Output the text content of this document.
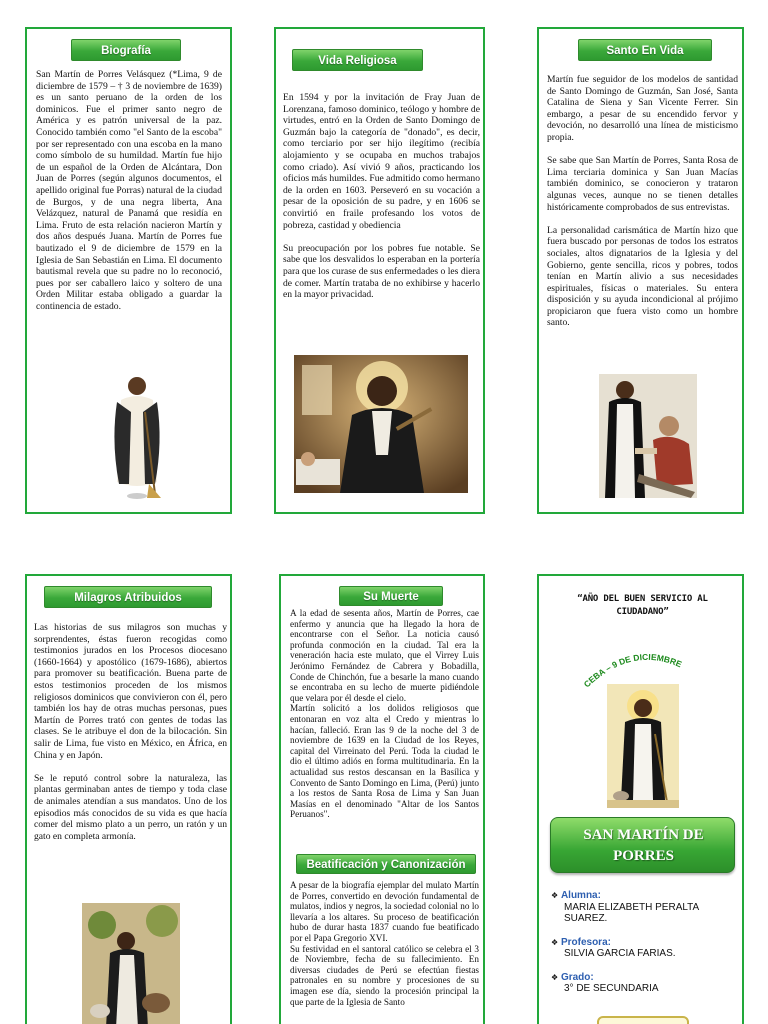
Biografía
San Martín de Porres Velásquez (*Lima, 9 de diciembre de 1579 – † 3 de noviembre de 1639) es un santo peruano de la orden de los dominicos. Fue el primer santo negro de América y es patrón universal de la paz. Conocido también como "el Santo de la escoba" por ser representado con una escoba en la mano como símbolo de su humildad. Martín fue hijo de un español de la Orden de Alcántara, Don Juan de Porres (según algunos documentos, el apellido original fue Porras) natural de la ciudad de Burgos, y de una negra liberta, Ana Velázquez, natural de Panamá que residía en Lima. Fruto de esta relación nacieron Martín y dos años después Juana. Martín de Porres fue bautizado el 9 de diciembre de 1579 en la Iglesia de San Sebastián en Lima. El documento bautismal revela que su padre no lo reconoció, pues por ser caballero laico y soltero de una Orden Militar estaba obligado a guardar la continencia de estado.
Vida Religiosa

En 1594 y por la invitación de Fray Juan de Lorenzana, famoso dominico, teólogo y hombre de virtudes, entró en la Orden de Santo Domingo de Guzmán bajo la categoría de "donado", es decir, como terciario por ser hijo ilegítimo (recibía alojamiento y se ocupaba en muchos trabajos como criado). Así vivió 9 años, practicando los oficios más humildes. Fue admitido como hermano de la orden en 1603. Perseveró en su vocación a pesar de la oposición de su padre, y en 1606 se convirtió en fraile profesando los votos de pobreza, castidad y obediencia

Su preocupación por los pobres fue notable. Se sabe que los desvalidos lo esperaban en la portería para que los curase de sus enfermedades o les diera de comer. Martín trataba de no exhibirse y hacerlo en la mayor privacidad.

Santo En Vida

Martín fue seguidor de los modelos de santidad de Santo Domingo de Guzmán, San José, Santa Catalina de Siena y San Vicente Ferrer. Sin embargo, a pesar de su encendido fervor y devoción, no desarrolló una línea de misticismo propia.

Se sabe que San Martín de Porres, Santa Rosa de Lima terciaria dominica y San Juan Macías también dominico, se conocieron y trataron algunas veces, aunque no se tienen detalles históricamente comprobados de sus entrevistas.

La personalidad carismática de Martín hizo que fuera buscado por personas de todos los estratos sociales, altos dignatarios de la Iglesia y del Gobierno, gente sencilla, ricos y pobres, todos tenían en Martín alivio a sus necesidades espirituales, físicas o materiales. Su entera disposición y su ayuda incondicional al prójimo propiciaron que fuera visto como un hombre santo.

Milagros Atribuidos

Las historias de sus milagros son muchas y sorprendentes, éstas fueron recogidas como testimonios jurados en los Procesos diocesano (1660-1664) y apostólico (1679-1686), abiertos para promover su beatificación. Buena parte de estos testimonios proceden de los mismos religiosos dominicos que convivieron con él, pero también los hay de otras muchas personas, pues Martín de Porres trató con gentes de todas las clases. Se le atribuye el don de la bilocación. Sin salir de Lima, fue visto en México, en África, en China y en Japón.

Se le reputó control sobre la naturaleza, las plantas germinaban antes de tiempo y toda clase de animales atendían a sus mandatos. Uno de los episodios más conocidos de su vida es que hacía comer del mismo plato a un perro, un ratón y un gato en completa armonía.

Su Muerte

A la edad de sesenta años, Martín de Porres, cae enfermo y anuncia que ha llegado la hora de encontrarse con el Señor. La noticia causó profunda conmoción en la ciudad. Tal era la veneración hacia este mulato, que el Virrey Luis Jerónimo Fernández de Cabrera y Bobadilla, Conde de Chinchón, fue a besarle la mano cuando se encontraba en su lecho de muerte pidiéndole que velara por él desde el cielo.

Martín solicitó a los dolidos religiosos que entonaran en voz alta el Credo y mientras lo hacían, falleció. Eran las 9 de la noche del 3 de noviembre de 1639 en la Ciudad de los Reyes, capital del Virreinato del Perú. Toda la ciudad le dio el último adiós en forma multitudinaria. En la actualidad sus restos descansan en la Basílica y Convento de Santo Domingo en Lima, (Perú) junto a los restos de Santa Rosa de Lima y San Juan Masías en el denominado "Altar de los Santos Peruanos".

Beatificación y Canonización

A pesar de la biografía ejemplar del mulato Martín de Porres, convertido en devoción fundamental de mulatos, indios y negros, la sociedad colonial no lo llevaría a los altares. Su proceso de beatificación hubo de durar hasta 1837 cuando fue beatificado por el Papa Gregorio XVI.

Su festividad en el santoral católico se celebra el 3 de Noviembre, fecha de su fallecimiento. En diversas ciudades de Perú se efectúan fiestas patronales en su nombre y procesiones de su imagen ese día, siendo la procesión principal la que parte de la Iglesia de Santo

“AÑO DEL BUEN SERVICIO AL CIUDADANO”
CEBA – 9 DE DICIEMBRE
SAN MARTÍN DE PORRES
❖ Alumna:
MARIA ELIZABETH PERALTA SUAREZ.
❖ Profesora:
SILVIA GARCIA FARIAS.
❖ Grado:
3° DE SECUNDARIA
